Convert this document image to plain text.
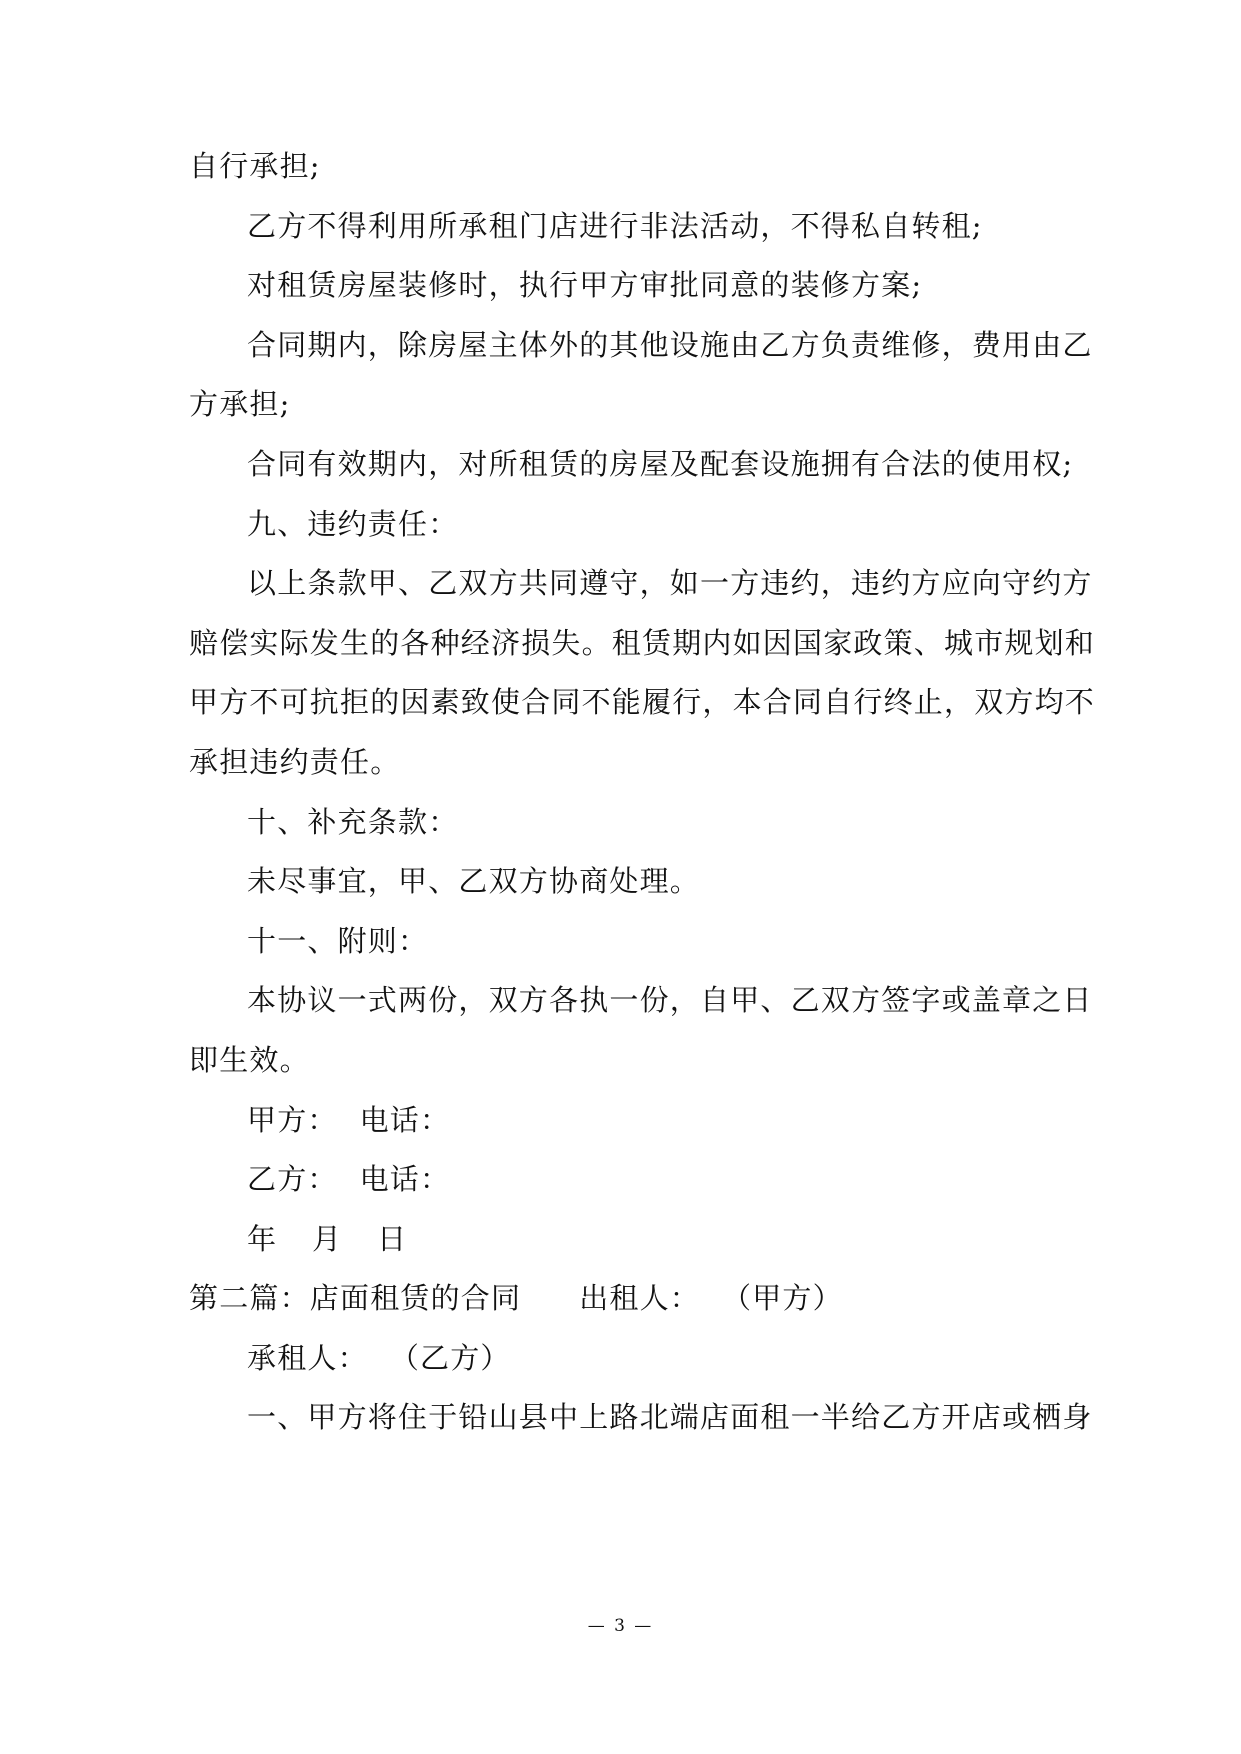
自行承担;
乙方不得利用所承租门店进行非法活动，不得私自转租;
对租赁房屋装修时，执行甲方审批同意的装修方案;
合同期内，除房屋主体外的其他设施由乙方负责维修，费用由乙
方承担;
合同有效期内，对所租赁的房屋及配套设施拥有合法的使用权;
九、违约责任：
以上条款甲、乙双方共同遵守，如一方违约，违约方应向守约方
赔偿实际发生的各种经济损失。租赁期内如因国家政策、城市规划和
甲方不可抗拒的因素致使合同不能履行，本合同自行终止，双方均不
承担违约责任。
十、补充条款：
未尽事宜，甲、乙双方协商处理。
十一、附则：
本协议一式两份，双方各执一份，自甲、乙双方签字或盖章之日
即生效。
甲方： 电话：
乙方： 电话：
年 月 日
第二篇：店面租赁的合同 出租人： （甲方）
承租人： （乙方）
一、甲方将住于铅山县中上路北端店面租一半给乙方开店或栖身
— 3 —
